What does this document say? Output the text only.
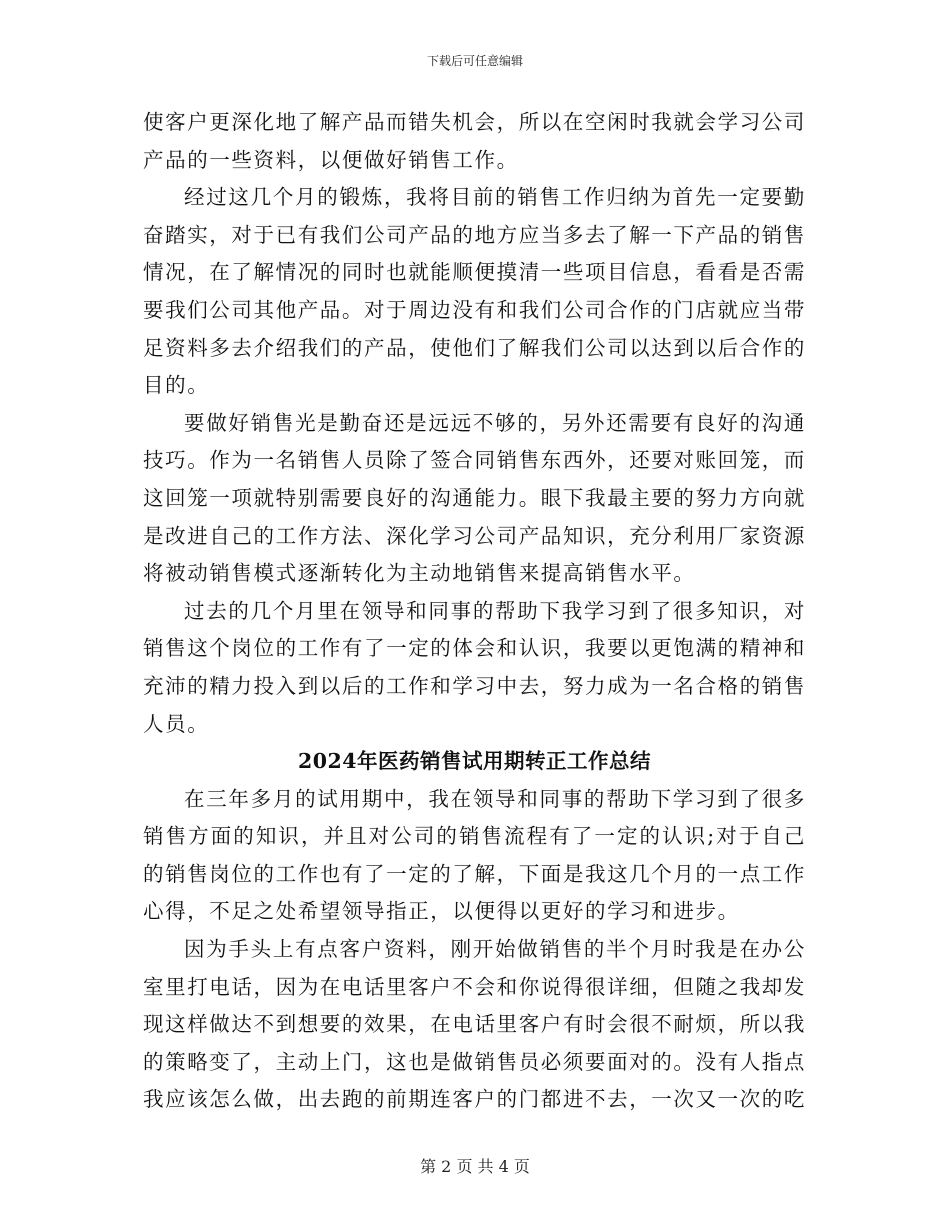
下载后可任意编辑

使客户更深化地了解产品而错失机会，所以在空闲时我就会学习公司产品的一些资料，以便做好销售工作。

经过这几个月的锻炼，我将目前的销售工作归纳为首先一定要勤奋踏实，对于已有我们公司产品的地方应当多去了解一下产品的销售情况，在了解情况的同时也就能顺便摸清一些项目信息，看看是否需要我们公司其他产品。对于周边没有和我们公司合作的门店就应当带足资料多去介绍我们的产品，使他们了解我们公司以达到以后合作的目的。

要做好销售光是勤奋还是远远不够的，另外还需要有良好的沟通技巧。作为一名销售人员除了签合同销售东西外，还要对账回笼，而这回笼一项就特别需要良好的沟通能力。眼下我最主要的努力方向就是改进自己的工作方法、深化学习公司产品知识，充分利用厂家资源将被动销售模式逐渐转化为主动地销售来提高销售水平。

过去的几个月里在领导和同事的帮助下我学习到了很多知识，对销售这个岗位的工作有了一定的体会和认识，我要以更饱满的精神和充沛的精力投入到以后的工作和学习中去，努力成为一名合格的销售人员。

2024年医药销售试用期转正工作总结

在三年多月的试用期中，我在领导和同事的帮助下学习到了很多销售方面的知识，并且对公司的销售流程有了一定的认识;对于自己的销售岗位的工作也有了一定的了解，下面是我这几个月的一点工作心得，不足之处希望领导指正，以便得以更好的学习和进步。

因为手头上有点客户资料，刚开始做销售的半个月时我是在办公室里打电话，因为在电话里客户不会和你说得很详细，但随之我却发现这样做达不到想要的效果，在电话里客户有时会很不耐烦，所以我的策略变了，主动上门，这也是做销售员必须要面对的。没有人指点我应该怎么做，出去跑的前期连客户的门都进不去，一次又一次的吃

第 2 页 共 4 页
